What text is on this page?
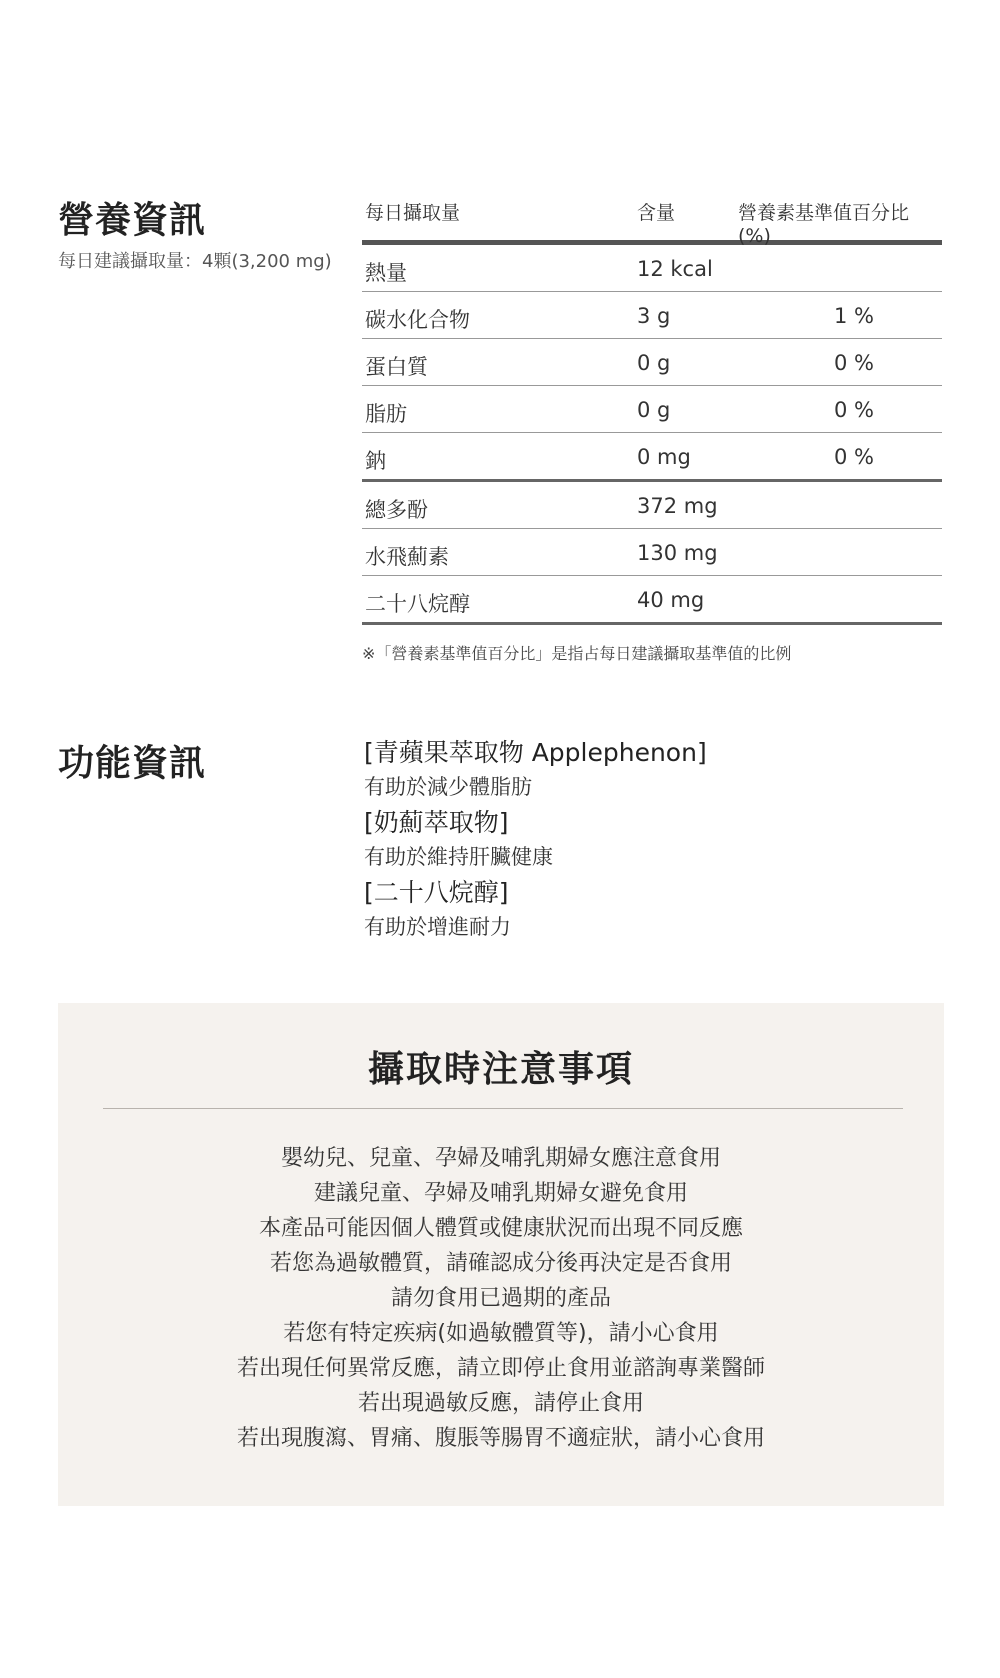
營養資訊
每日建議攝取量：4顆(3,200 mg)
每日攝取量	含量	營養素基準值百分比 (%)
熱量	12 kcal
碳水化合物	3 g	1 %
蛋白質	0 g	0 %
脂肪	0 g	0 %
鈉	0 mg	0 %
總多酚	372 mg
水飛薊素	130 mg
二十八烷醇	40 mg
※「營養素基準值百分比」是指占每日建議攝取基準值的比例
功能資訊	[青蘋果萃取物 Applephenon]
有助於減少體脂肪
[奶薊萃取物]
有助於維持肝臟健康
[二十八烷醇]
有助於增進耐力
攝取時注意事項
嬰幼兒、兒童、孕婦及哺乳期婦女應注意食用
建議兒童、孕婦及哺乳期婦女避免食用
本產品可能因個人體質或健康狀況而出現不同反應
若您為過敏體質，請確認成分後再決定是否食用
請勿食用已過期的產品
若您有特定疾病(如過敏體質等)，請小心食用
若出現任何異常反應，請立即停止食用並諮詢專業醫師
若出現過敏反應，請停止食用
若出現腹瀉、胃痛、腹脹等腸胃不適症狀，請小心食用
